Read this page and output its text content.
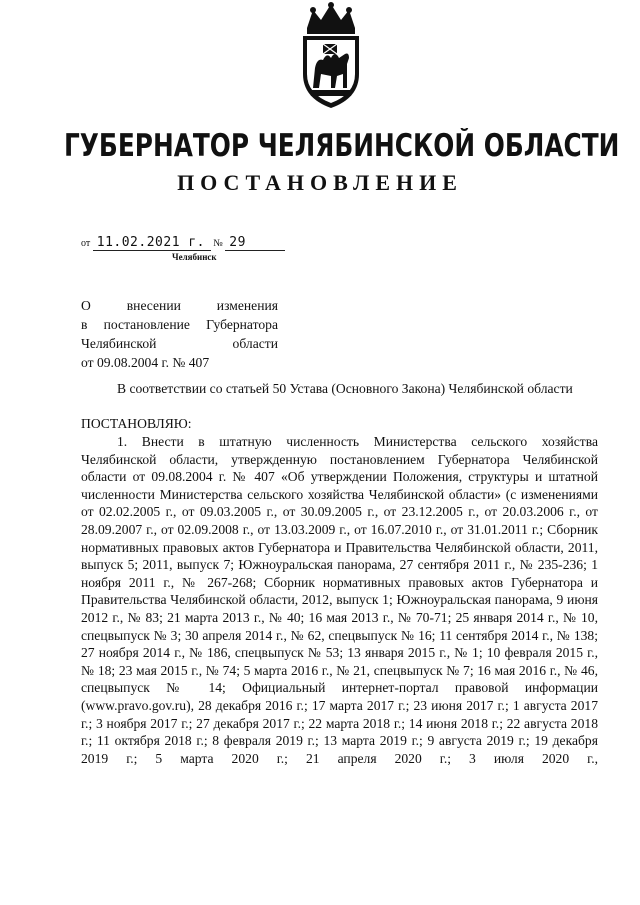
ГУБЕРНАТОР ЧЕЛЯБИНСКОЙ ОБЛАСТИ
ПОСТАНОВЛЕНИЕ
от 11.02.2021 г. № 29
Челябинск
О внесении изменения
в постановление Губернатора
Челябинской области
от 09.08.2004 г. № 407

В соответствии со статьей 50 Устава (Основного Закона) Челябинской области

ПОСТАНОВЛЯЮ:

1. Внести в штатную численность Министерства сельского хозяйства Челябинской области, утвержденную постановлением Губернатора Челябинской области от 09.08.2004 г. № 407 «Об утверждении Положения, структуры и штатной численности Министерства сельского хозяйства Челябинской области» (с изменениями от 02.02.2005 г., от 09.03.2005 г., от 30.09.2005 г., от 23.12.2005 г., от 20.03.2006 г., от 28.09.2007 г., от 02.09.2008 г., от 13.03.2009 г., от 16.07.2010 г., от 31.01.2011 г.; Сборник нормативных правовых актов Губернатора и Правительства Челябинской области, 2011, выпуск 5; 2011, выпуск 7; Южноуральская панорама, 27 сентября 2011 г., № 235-236; 1 ноября 2011 г., № 267-268; Сборник нормативных правовых актов Губернатора и Правительства Челябинской области, 2012, выпуск 1; Южноуральская панорама, 9 июня 2012 г., № 83; 21 марта 2013 г., № 40; 16 мая 2013 г., № 70-71; 25 января 2014 г., № 10, спецвыпуск № 3; 30 апреля 2014 г., № 62, спецвыпуск № 16; 11 сентября 2014 г., № 138; 27 ноября 2014 г., № 186, спецвыпуск № 53; 13 января 2015 г., № 1; 10 февраля 2015 г., № 18; 23 мая 2015 г., № 74; 5 марта 2016 г., № 21, спецвыпуск № 7; 16 мая 2016 г., № 46, спецвыпуск № 14; Официальный интернет-портал правовой информации (www.pravo.gov.ru), 28 декабря 2016 г.; 17 марта 2017 г.; 23 июня 2017 г.; 1 августа 2017 г.; 3 ноября 2017 г.; 27 декабря 2017 г.; 22 марта 2018 г.; 14 июня 2018 г.; 22 августа 2018 г.; 11 октября 2018 г.; 8 февраля 2019 г.; 13 марта 2019 г.; 9 августа 2019 г.; 19 декабря 2019 г.; 5 марта 2020 г.; 21 апреля 2020 г.; 3 июля 2020 г.,
